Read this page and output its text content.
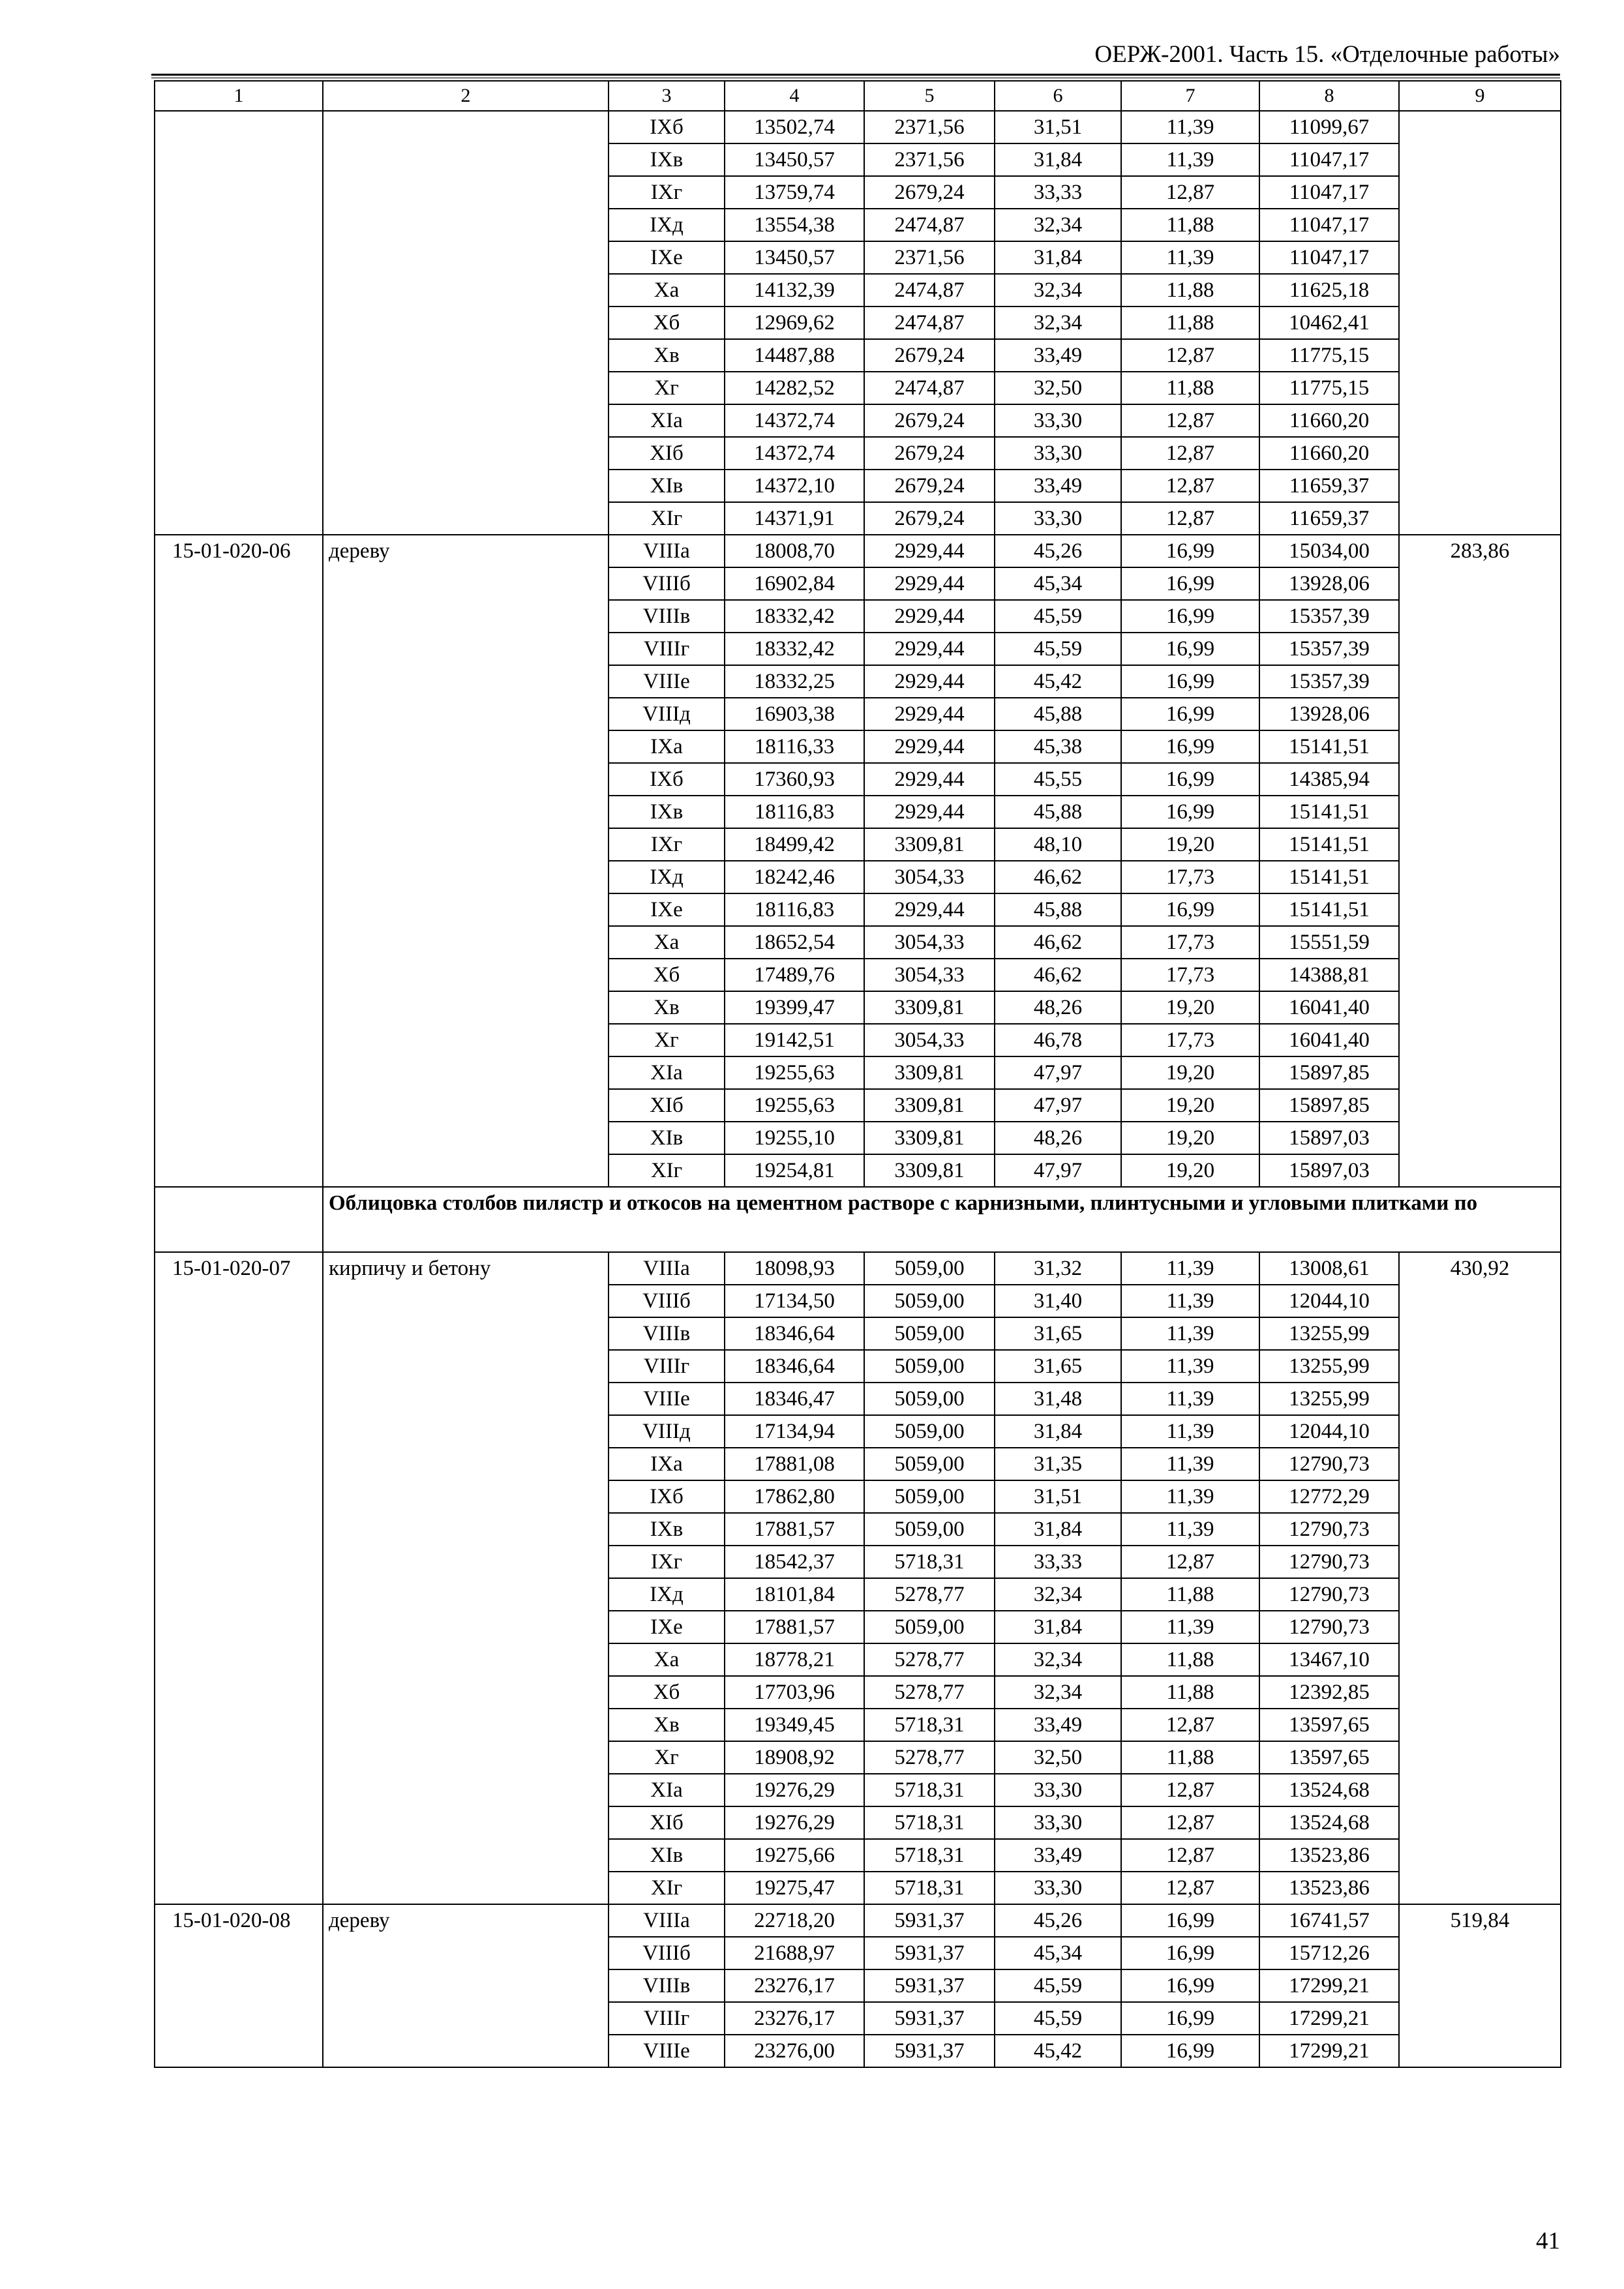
ОЕРЖ-2001. Часть 15. «Отделочные работы»
1	2	3	4	5	6	7	8	9
		IXб	13502,74	2371,56	31,51	11,39	11099,67	
		IXв	13450,57	2371,56	31,84	11,39	11047,17	
		IXг	13759,74	2679,24	33,33	12,87	11047,17	
		IXд	13554,38	2474,87	32,34	11,88	11047,17	
		IXе	13450,57	2371,56	31,84	11,39	11047,17	
		Xа	14132,39	2474,87	32,34	11,88	11625,18	
		Xб	12969,62	2474,87	32,34	11,88	10462,41	
		Xв	14487,88	2679,24	33,49	12,87	11775,15	
		Xг	14282,52	2474,87	32,50	11,88	11775,15	
		XIа	14372,74	2679,24	33,30	12,87	11660,20	
		XIб	14372,74	2679,24	33,30	12,87	11660,20	
		XIв	14372,10	2679,24	33,49	12,87	11659,37	
		XIг	14371,91	2679,24	33,30	12,87	11659,37	
15-01-020-06	дереву	VIIIа	18008,70	2929,44	45,26	16,99	15034,00	283,86
		VIIIб	16902,84	2929,44	45,34	16,99	13928,06	
		VIIIв	18332,42	2929,44	45,59	16,99	15357,39	
		VIIIг	18332,42	2929,44	45,59	16,99	15357,39	
		VIIIе	18332,25	2929,44	45,42	16,99	15357,39	
		VIIIд	16903,38	2929,44	45,88	16,99	13928,06	
		IXа	18116,33	2929,44	45,38	16,99	15141,51	
		IXб	17360,93	2929,44	45,55	16,99	14385,94	
		IXв	18116,83	2929,44	45,88	16,99	15141,51	
		IXг	18499,42	3309,81	48,10	19,20	15141,51	
		IXд	18242,46	3054,33	46,62	17,73	15141,51	
		IXе	18116,83	2929,44	45,88	16,99	15141,51	
		Xа	18652,54	3054,33	46,62	17,73	15551,59	
		Xб	17489,76	3054,33	46,62	17,73	14388,81	
		Xв	19399,47	3309,81	48,26	19,20	16041,40	
		Xг	19142,51	3054,33	46,78	17,73	16041,40	
		XIа	19255,63	3309,81	47,97	19,20	15897,85	
		XIб	19255,63	3309,81	47,97	19,20	15897,85	
		XIв	19255,10	3309,81	48,26	19,20	15897,03	
		XIг	19254,81	3309,81	47,97	19,20	15897,03	
	Облицовка столбов пилястр и откосов на цементном растворе с карнизными, плинтусными и угловыми плитками по							
15-01-020-07	кирпичу и бетону	VIIIа	18098,93	5059,00	31,32	11,39	13008,61	430,92
		VIIIб	17134,50	5059,00	31,40	11,39	12044,10	
		VIIIв	18346,64	5059,00	31,65	11,39	13255,99	
		VIIIг	18346,64	5059,00	31,65	11,39	13255,99	
		VIIIе	18346,47	5059,00	31,48	11,39	13255,99	
		VIIIд	17134,94	5059,00	31,84	11,39	12044,10	
		IXа	17881,08	5059,00	31,35	11,39	12790,73	
		IXб	17862,80	5059,00	31,51	11,39	12772,29	
		IXв	17881,57	5059,00	31,84	11,39	12790,73	
		IXг	18542,37	5718,31	33,33	12,87	12790,73	
		IXд	18101,84	5278,77	32,34	11,88	12790,73	
		IXе	17881,57	5059,00	31,84	11,39	12790,73	
		Xа	18778,21	5278,77	32,34	11,88	13467,10	
		Xб	17703,96	5278,77	32,34	11,88	12392,85	
		Xв	19349,45	5718,31	33,49	12,87	13597,65	
		Xг	18908,92	5278,77	32,50	11,88	13597,65	
		XIа	19276,29	5718,31	33,30	12,87	13524,68	
		XIб	19276,29	5718,31	33,30	12,87	13524,68	
		XIв	19275,66	5718,31	33,49	12,87	13523,86	
		XIг	19275,47	5718,31	33,30	12,87	13523,86	
15-01-020-08	дереву	VIIIа	22718,20	5931,37	45,26	16,99	16741,57	519,84
		VIIIб	21688,97	5931,37	45,34	16,99	15712,26	
		VIIIв	23276,17	5931,37	45,59	16,99	17299,21	
		VIIIг	23276,17	5931,37	45,59	16,99	17299,21	
		VIIIе	23276,00	5931,37	45,42	16,99	17299,21	
41
